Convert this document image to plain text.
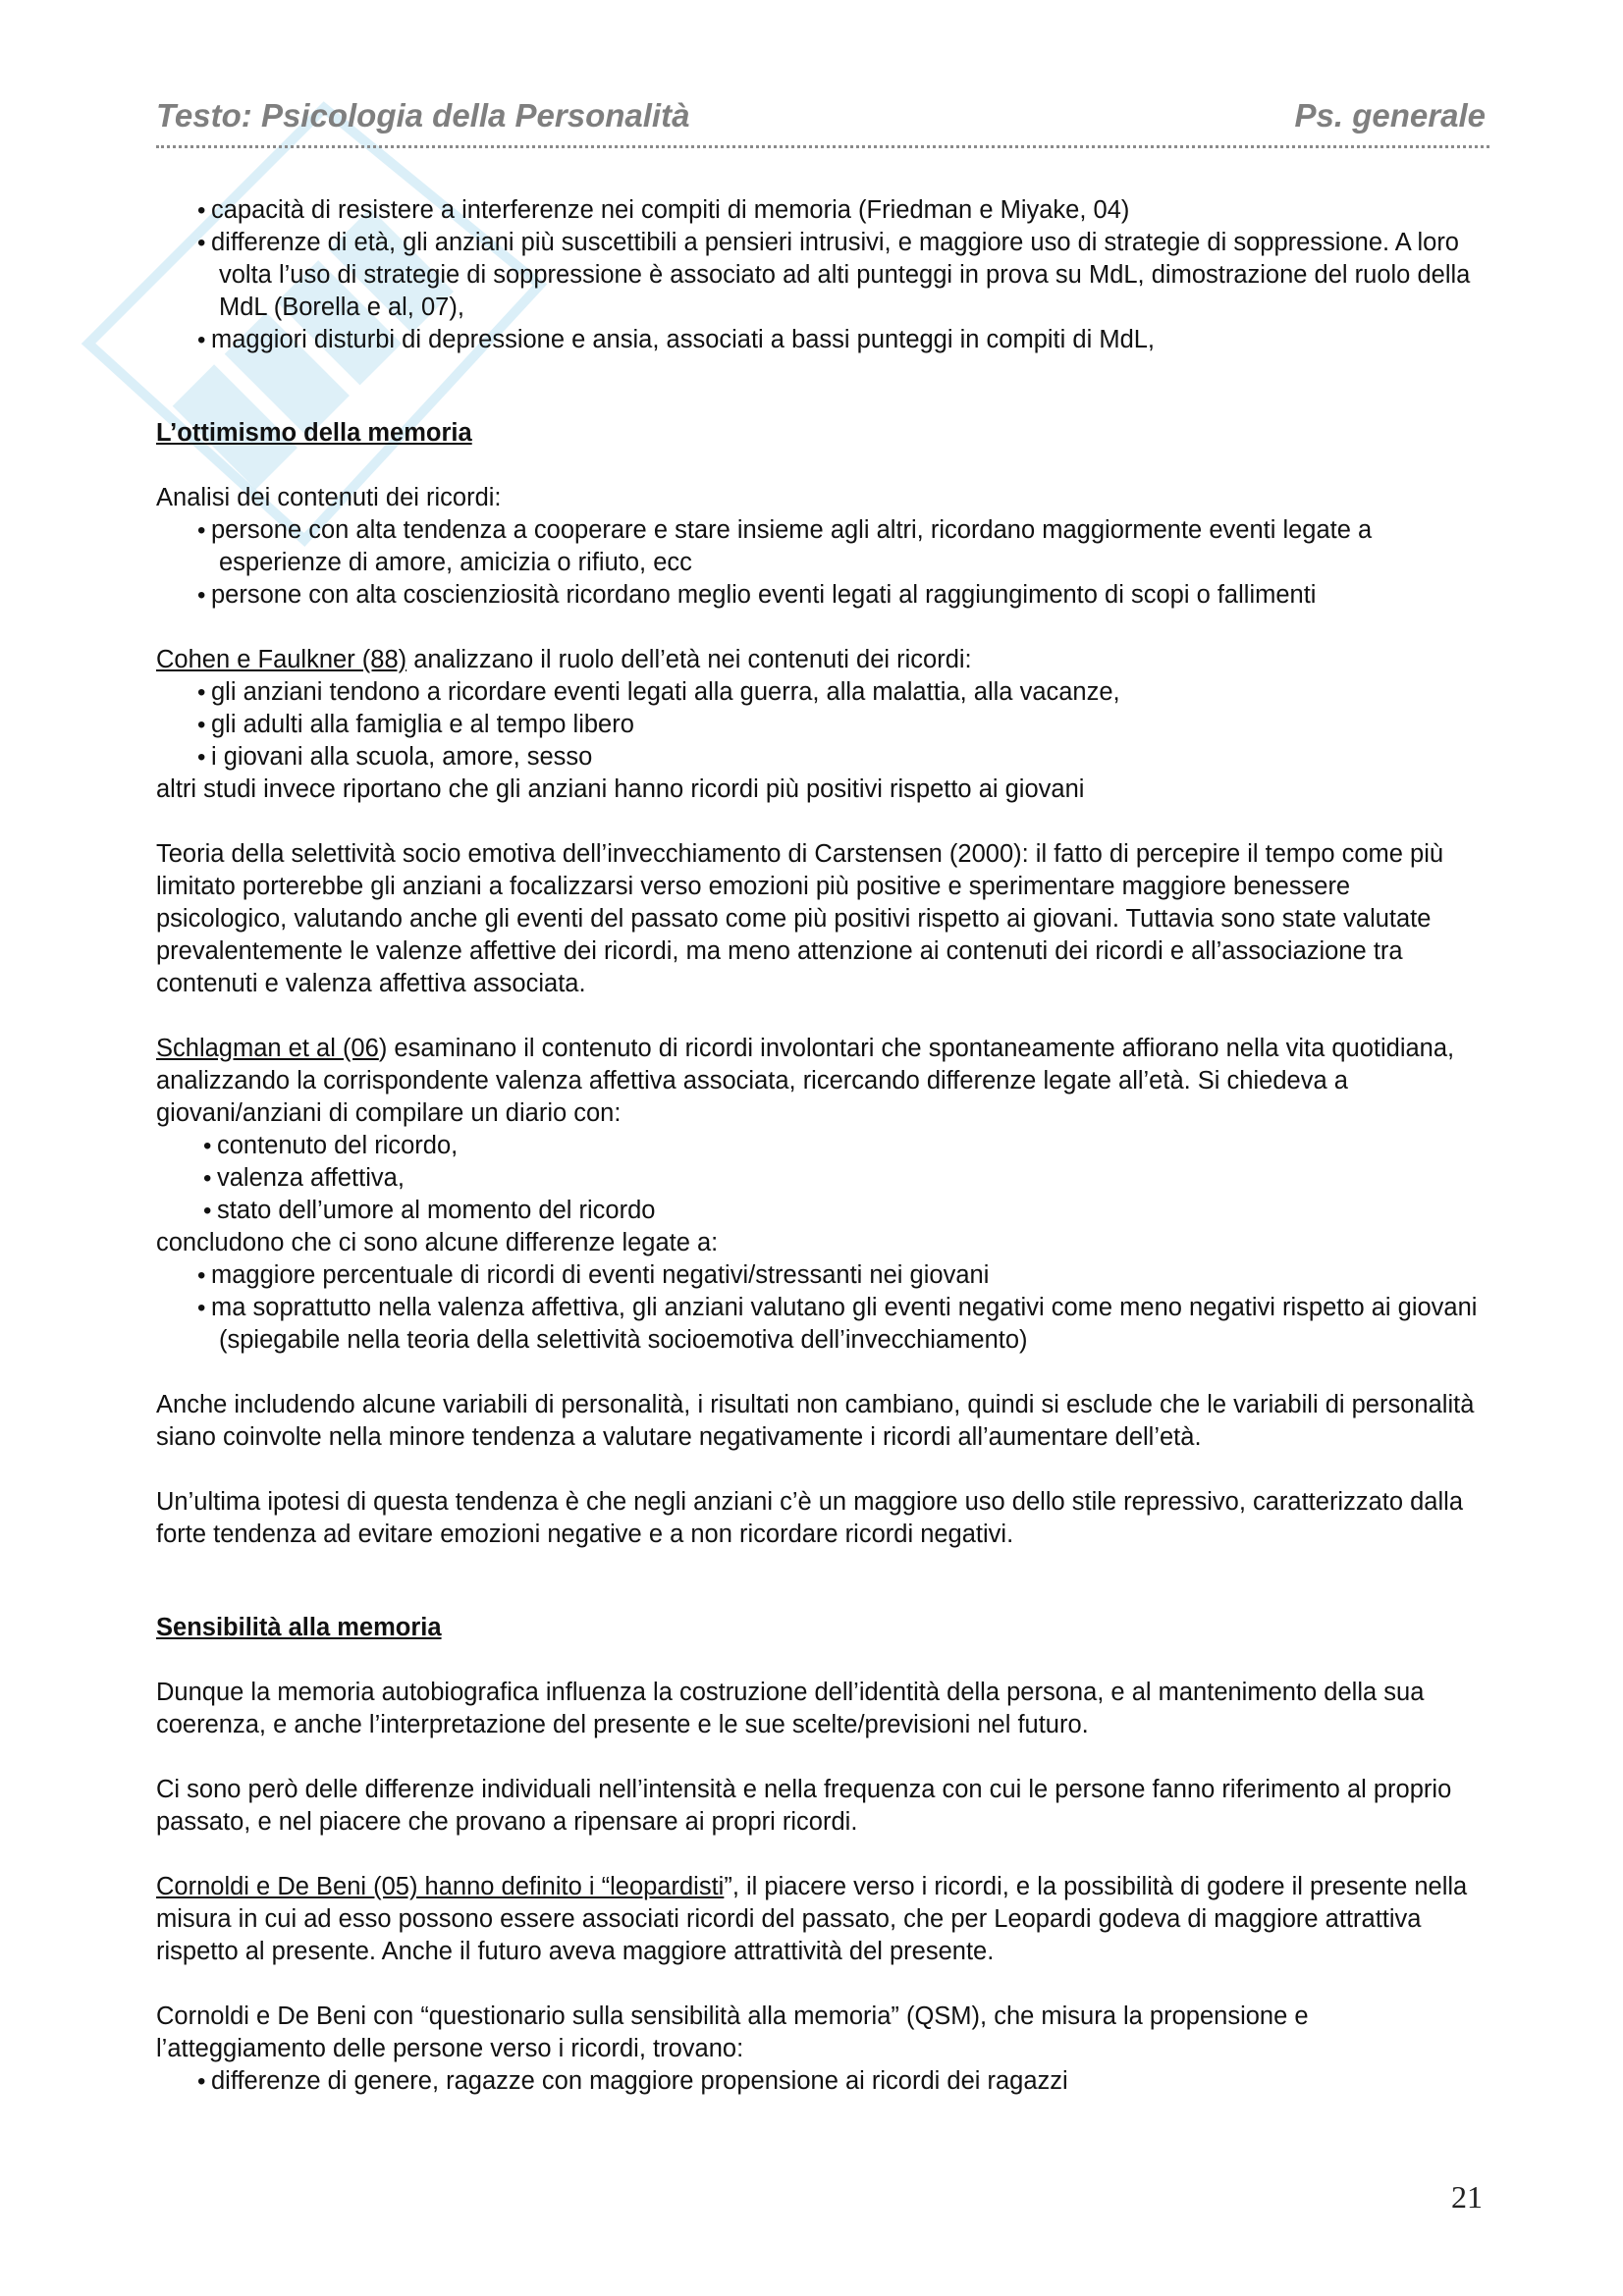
Testo: Psicologia della Personalità	Ps. generale
• capacità di resistere a interferenze nei compiti di memoria (Friedman e Miyake, 04)
• differenze di età, gli anziani più suscettibili a pensieri intrusivi, e maggiore uso di strategie di soppressione. A loro volta l’uso di strategie di soppressione è associato ad alti punteggi in prova su MdL, dimostrazione del ruolo della MdL (Borella e al, 07),
• maggiori disturbi di depressione e ansia, associati a bassi punteggi in compiti di MdL,

L’ottimismo della memoria

Analisi dei contenuti dei ricordi:

• persone con alta tendenza a cooperare e stare insieme agli altri, ricordano maggiormente eventi legate a esperienze di amore, amicizia o rifiuto, ecc
• persone con alta coscienziosità ricordano meglio eventi legati al raggiungimento di scopi o fallimenti

Cohen e Faulkner (88) analizzano il ruolo dell’età nei contenuti dei ricordi:

• gli anziani tendono a ricordare eventi legati alla guerra, alla malattia, alla vacanze,
• gli adulti alla famiglia e al tempo libero
• i giovani alla scuola, amore, sesso

altri studi invece riportano che gli anziani hanno ricordi più positivi rispetto ai giovani

Teoria della selettività socio emotiva dell’invecchiamento di Carstensen (2000): il fatto di percepire il tempo come più limitato porterebbe gli anziani a focalizzarsi verso emozioni più positive e sperimentare maggiore benessere psicologico, valutando anche gli eventi del passato come più positivi rispetto ai giovani. Tuttavia sono state valutate prevalentemente le valenze affettive dei ricordi, ma meno attenzione ai contenuti dei ricordi e all’associazione tra contenuti e valenza affettiva associata.

Schlagman et al (06) esaminano il contenuto di ricordi involontari che spontaneamente affiorano nella vita quotidiana, analizzando la corrispondente valenza affettiva associata, ricercando differenze legate all’età. Si chiedeva a giovani/anziani di compilare un diario con:

• contenuto del ricordo,
• valenza affettiva,
• stato dell’umore al momento del ricordo

concludono che ci sono alcune differenze legate a:

• maggiore percentuale di ricordi di eventi negativi/stressanti nei giovani
• ma soprattutto nella valenza affettiva, gli anziani valutano gli eventi negativi come meno negativi rispetto ai giovani (spiegabile nella teoria della selettività socioemotiva dell’invecchiamento)

Anche includendo alcune variabili di personalità, i risultati non cambiano, quindi si esclude che le variabili di personalità siano coinvolte nella minore tendenza a valutare negativamente i ricordi all’aumentare dell’età.

Un’ultima ipotesi di questa tendenza è che negli anziani c’è un maggiore uso dello stile repressivo, caratterizzato dalla forte tendenza ad evitare emozioni negative e a non ricordare ricordi negativi.

Sensibilità alla memoria

Dunque la memoria autobiografica influenza la costruzione dell’identità della persona, e al mantenimento della sua coerenza, e anche l’interpretazione del presente e le sue scelte/previsioni nel futuro.

Ci sono però delle differenze individuali nell’intensità e nella frequenza con cui le persone fanno riferimento al proprio passato, e nel piacere che provano a ripensare ai propri ricordi.

Cornoldi e De Beni (05) hanno definito i “leopardisti”, il piacere verso i ricordi, e la possibilità di godere il presente nella misura in cui ad esso possono essere associati ricordi del passato, che per Leopardi godeva di maggiore attrattiva rispetto al presente. Anche il futuro aveva maggiore attrattività del presente.

Cornoldi e De Beni con “questionario sulla sensibilità alla memoria” (QSM), che misura la propensione e l’atteggiamento delle persone verso i ricordi, trovano:

• differenze di genere, ragazze con maggiore propensione ai ricordi dei ragazzi
21
